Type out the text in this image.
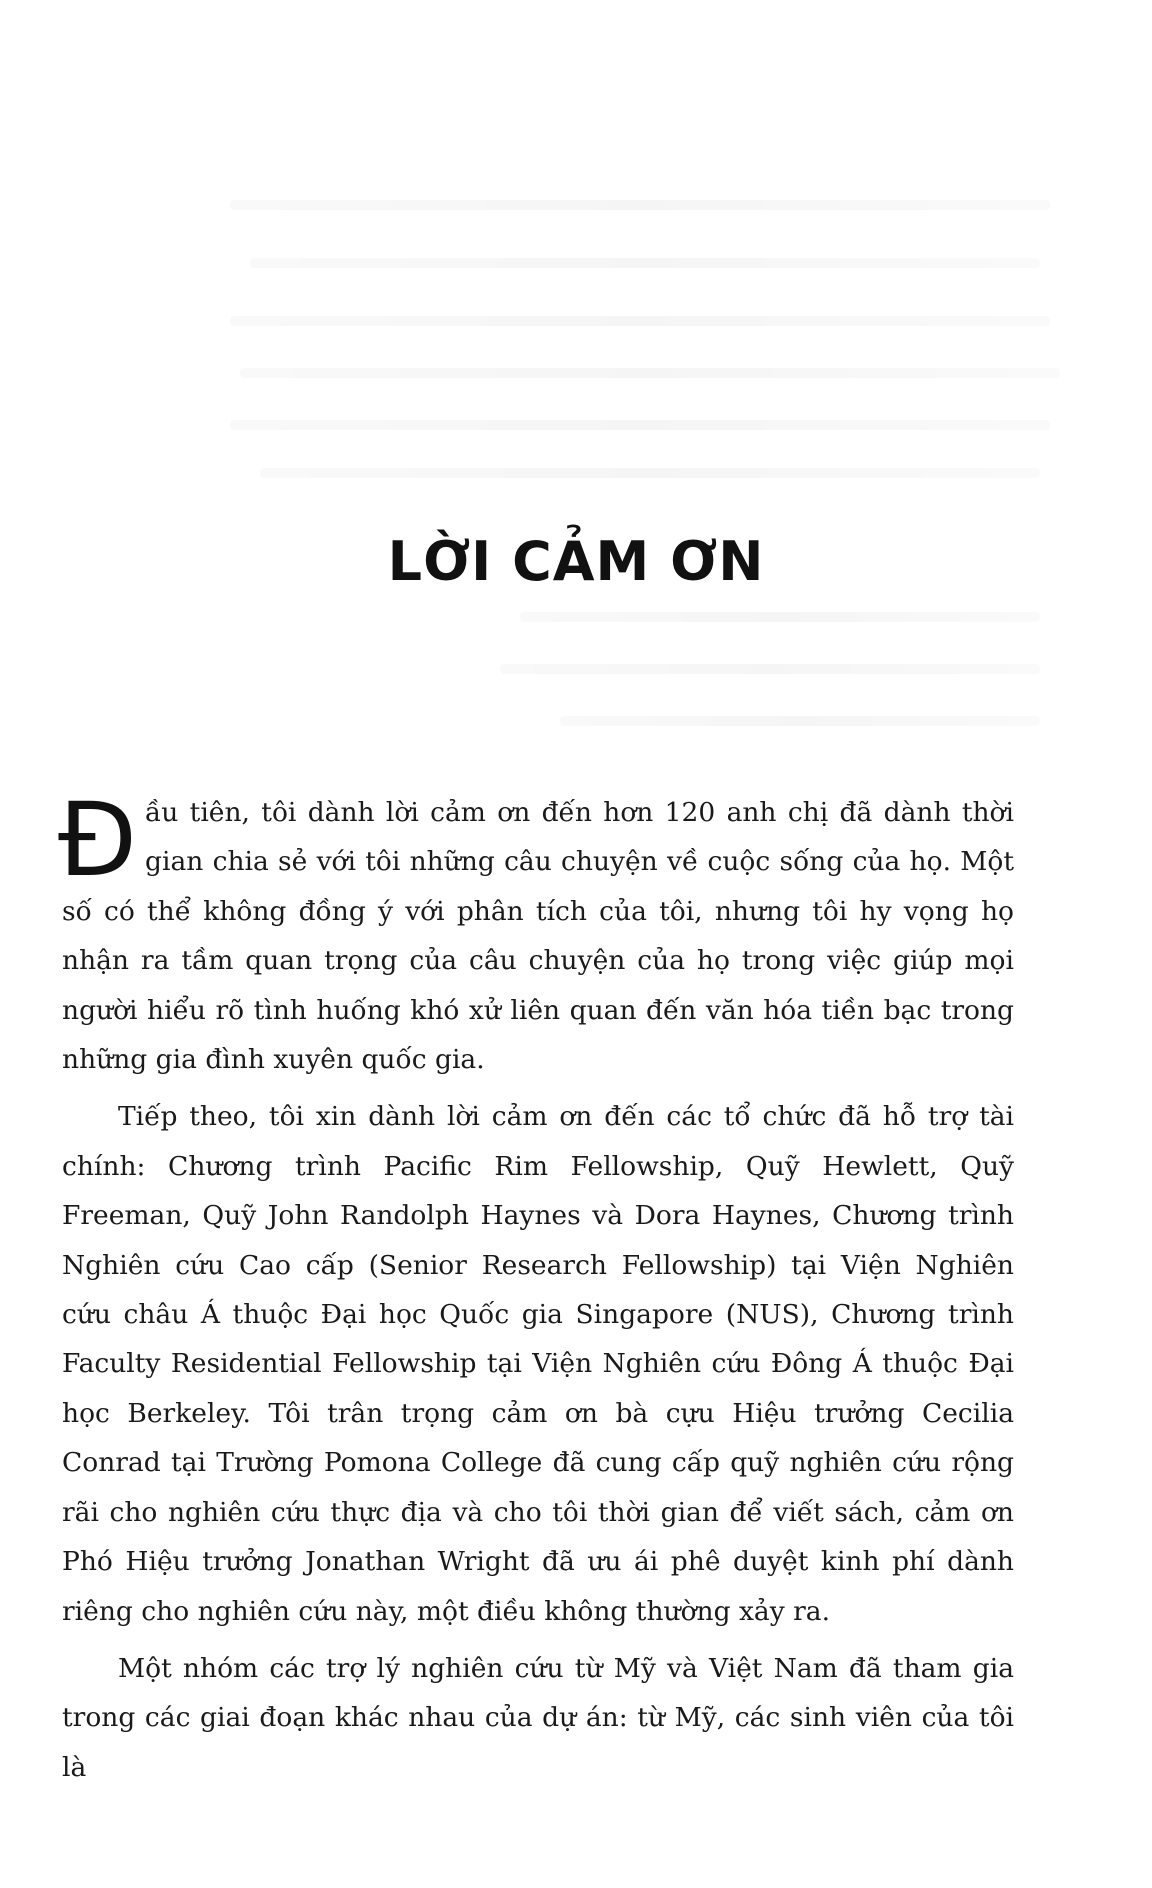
LỜI CẢM ƠN

Đ ầu tiên, tôi dành lời cảm ơn đến hơn 120 anh chị đã dành thời gian chia sẻ với tôi những câu chuyện về cuộc sống của họ. Một số có thể không đồng ý với phân tích của tôi, nhưng tôi hy vọng họ nhận ra tầm quan trọng của câu chuyện của họ trong việc giúp mọi người hiểu rõ tình huống khó xử liên quan đến văn hóa tiền bạc trong những gia đình xuyên quốc gia.

Tiếp theo, tôi xin dành lời cảm ơn đến các tổ chức đã hỗ trợ tài chính: Chương trình Pacific Rim Fellowship, Quỹ Hewlett, Quỹ Freeman, Quỹ John Randolph Haynes và Dora Haynes, Chương trình Nghiên cứu Cao cấp (Senior Research Fellowship) tại Viện Nghiên cứu châu Á thuộc Đại học Quốc gia Singapore (NUS), Chương trình Faculty Residential Fellowship tại Viện Nghiên cứu Đông Á thuộc Đại học Berkeley. Tôi trân trọng cảm ơn bà cựu Hiệu trưởng Cecilia Conrad tại Trường Pomona College đã cung cấp quỹ nghiên cứu rộng rãi cho nghiên cứu thực địa và cho tôi thời gian để viết sách, cảm ơn Phó Hiệu trưởng Jonathan Wright đã ưu ái phê duyệt kinh phí dành riêng cho nghiên cứu này, một điều không thường xảy ra.

Một nhóm các trợ lý nghiên cứu từ Mỹ và Việt Nam đã tham gia trong các giai đoạn khác nhau của dự án: từ Mỹ, các sinh viên của tôi là
